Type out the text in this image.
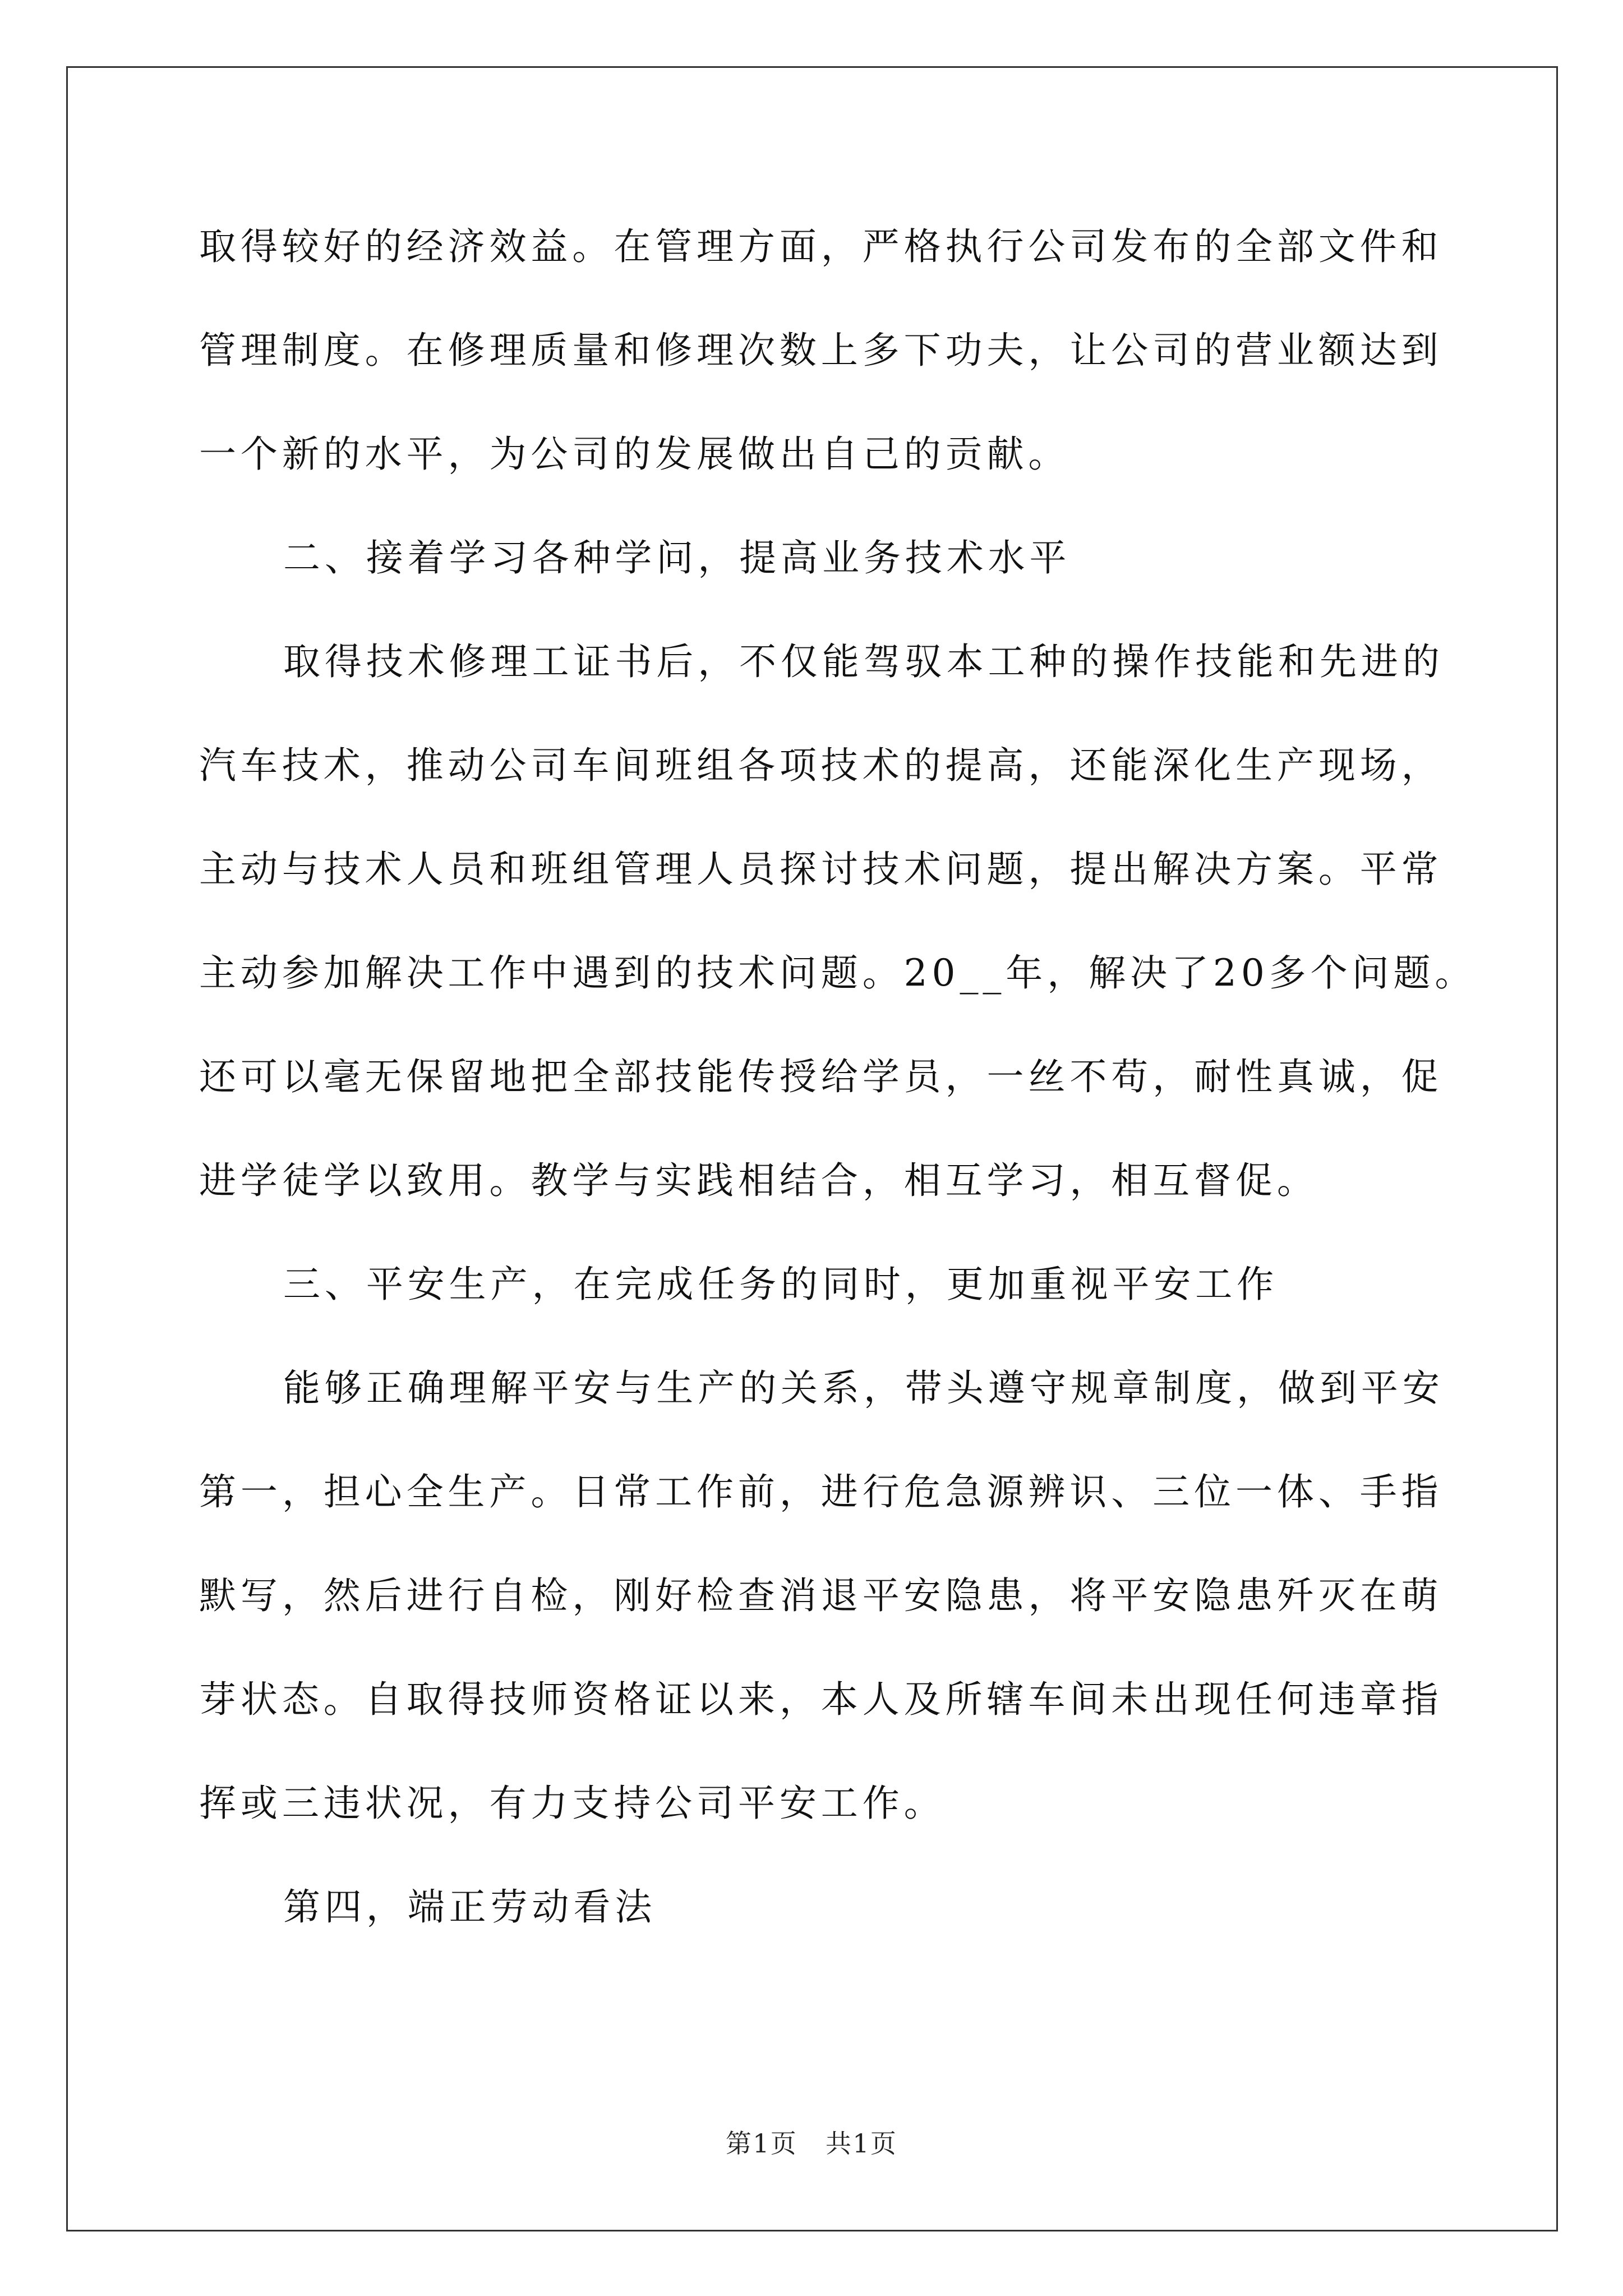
取得较好的经济效益。在管理方面，严格执行公司发布的全部文件和
管理制度。在修理质量和修理次数上多下功夫，让公司的营业额达到
一个新的水平，为公司的发展做出自己的贡献。
二、接着学习各种学问，提高业务技术水平
取得技术修理工证书后，不仅能驾驭本工种的操作技能和先进的
汽车技术，推动公司车间班组各项技术的提高，还能深化生产现场，
主动与技术人员和班组管理人员探讨技术问题，提出解决方案。平常
主动参加解决工作中遇到的技术问题。20__年，解决了20多个问题。
还可以毫无保留地把全部技能传授给学员，一丝不苟，耐性真诚，促
进学徒学以致用。教学与实践相结合，相互学习，相互督促。
三、平安生产，在完成任务的同时，更加重视平安工作
能够正确理解平安与生产的关系，带头遵守规章制度，做到平安
第一，担心全生产。日常工作前，进行危急源辨识、三位一体、手指
默写，然后进行自检，刚好检查消退平安隐患，将平安隐患歼灭在萌
芽状态。自取得技师资格证以来，本人及所辖车间未出现任何违章指
挥或三违状况，有力支持公司平安工作。
第四，端正劳动看法
第1页 共1页
